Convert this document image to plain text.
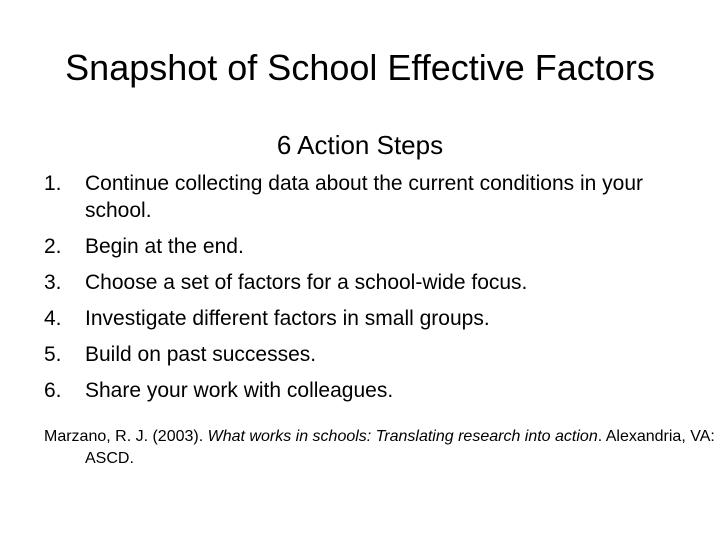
Snapshot of School Effective Factors
6 Action Steps
1. Continue collecting data about the current conditions in your school.
2. Begin at the end.
3. Choose a set of factors for a school-wide focus.
4. Investigate different factors in small groups.
5. Build on past successes.
6. Share your work with colleagues.
Marzano, R. J. (2003). What works in schools: Translating research into action. Alexandria, VA: ASCD.
